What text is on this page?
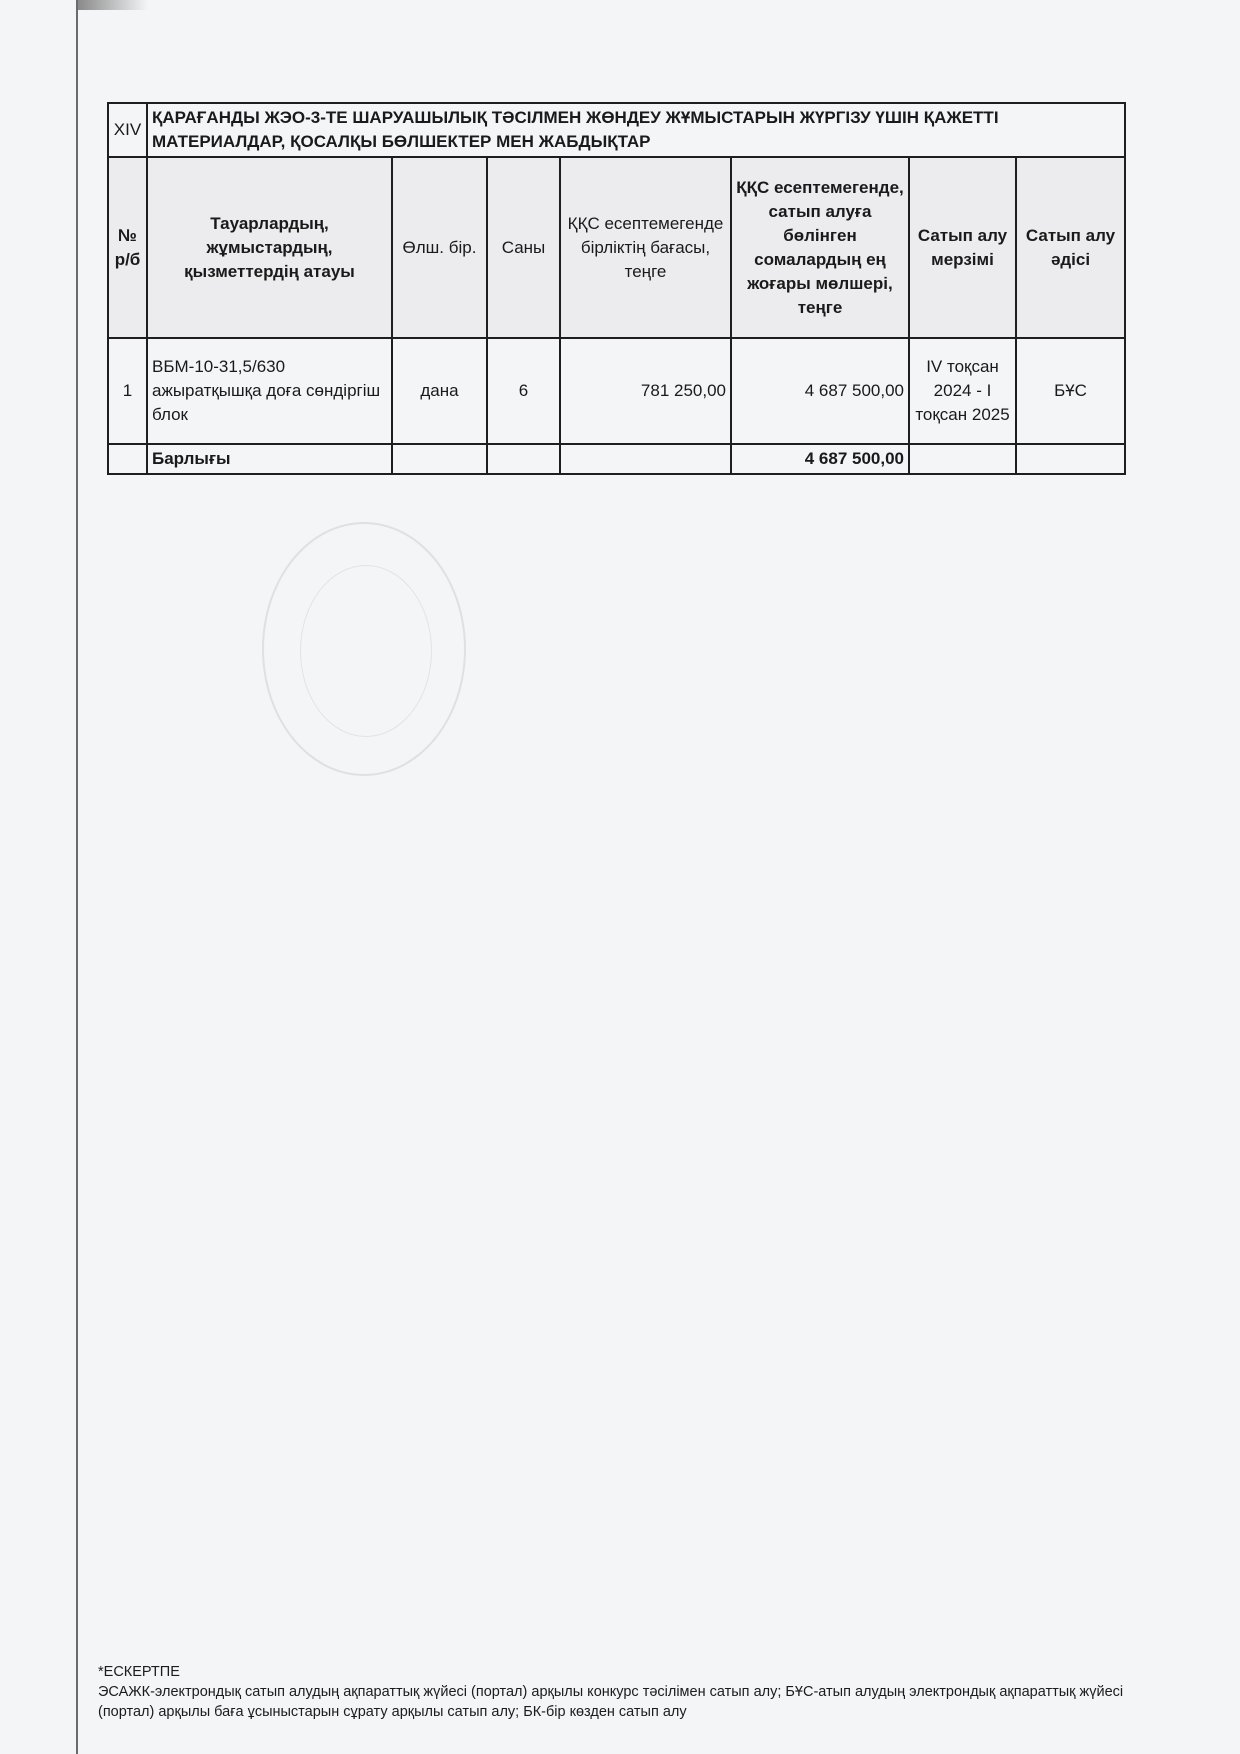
XIV	ҚАРАҒАНДЫ ЖЭО-3-ТЕ ШАРУАШЫЛЫҚ ТӘСІЛМЕН ЖӨНДЕУ ЖҰМЫСТАРЫН ЖҮРГІЗУ ҮШІН ҚАЖЕТТІ МАТЕРИАЛДАР, ҚОСАЛҚЫ БӨЛШЕКТЕР МЕН ЖАБДЫҚТАР						
№ р/б	Тауарлардың, жұмыстардың, қызметтердің атауы	Өлш. бір.	Саны	ҚҚС есептемегенде бірліктің бағасы, теңге	ҚҚС есептемегенде, сатып алуға бөлінген сомалардың ең жоғары мөлшері, теңге	Сатып алу мерзімі	Сатып алу әдісі
1	ВБМ-10-31,5/630 ажыратқышқа доға сөндіргіш блок	дана	6	781 250,00	4 687 500,00	IV тоқсан 2024 - I тоқсан 2025	БҰС
	Барлығы				4 687 500,00		
*ЕСКЕРТПЕ
ЭСАЖК-электрондық сатып алудың ақпараттық жүйесі (портал) арқылы конкурс тәсілімен сатып алу; БҰС-атып алудың электрондық ақпараттық жүйесі (портал) арқылы баға ұсыныстарын сұрату арқылы сатып алу; БК-бір көзден сатып алу
